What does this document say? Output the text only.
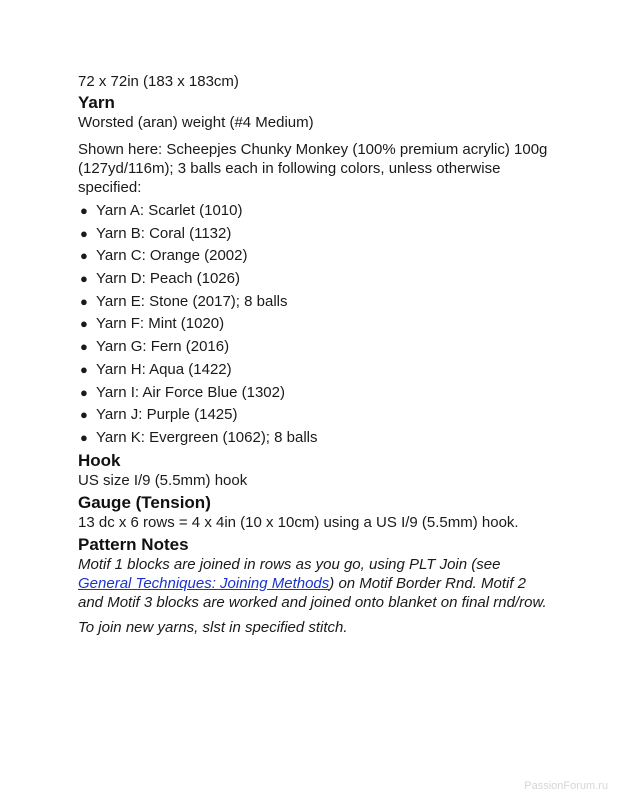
72 x 72in (183 x 183cm)

Yarn

Worsted (aran) weight (#4 Medium)

Shown here: Scheepjes Chunky Monkey (100% premium acrylic) 100g (127yd/116m); 3 balls each in following colors, unless otherwise specified:

● Yarn A: Scarlet (1010)
● Yarn B: Coral (1132)
● Yarn C: Orange (2002)
● Yarn D: Peach (1026)
● Yarn E: Stone (2017); 8 balls
● Yarn F: Mint (1020)
● Yarn G: Fern (2016)
● Yarn H: Aqua (1422)
● Yarn I: Air Force Blue (1302)
● Yarn J: Purple (1425)
● Yarn K: Evergreen (1062); 8 balls
Hook

US size I/9 (5.5mm) hook

Gauge (Tension)

13 dc x 6 rows = 4 x 4in (10 x 10cm) using a US I/9 (5.5mm) hook.

Pattern Notes

Motif 1 blocks are joined in rows as you go, using PLT Join (see General Techniques: Joining Methods) on Motif Border Rnd. Motif 2 and Motif 3 blocks are worked and joined onto blanket on final rnd/row.

To join new yarns, slst in specified stitch.

PassionForum.ru
